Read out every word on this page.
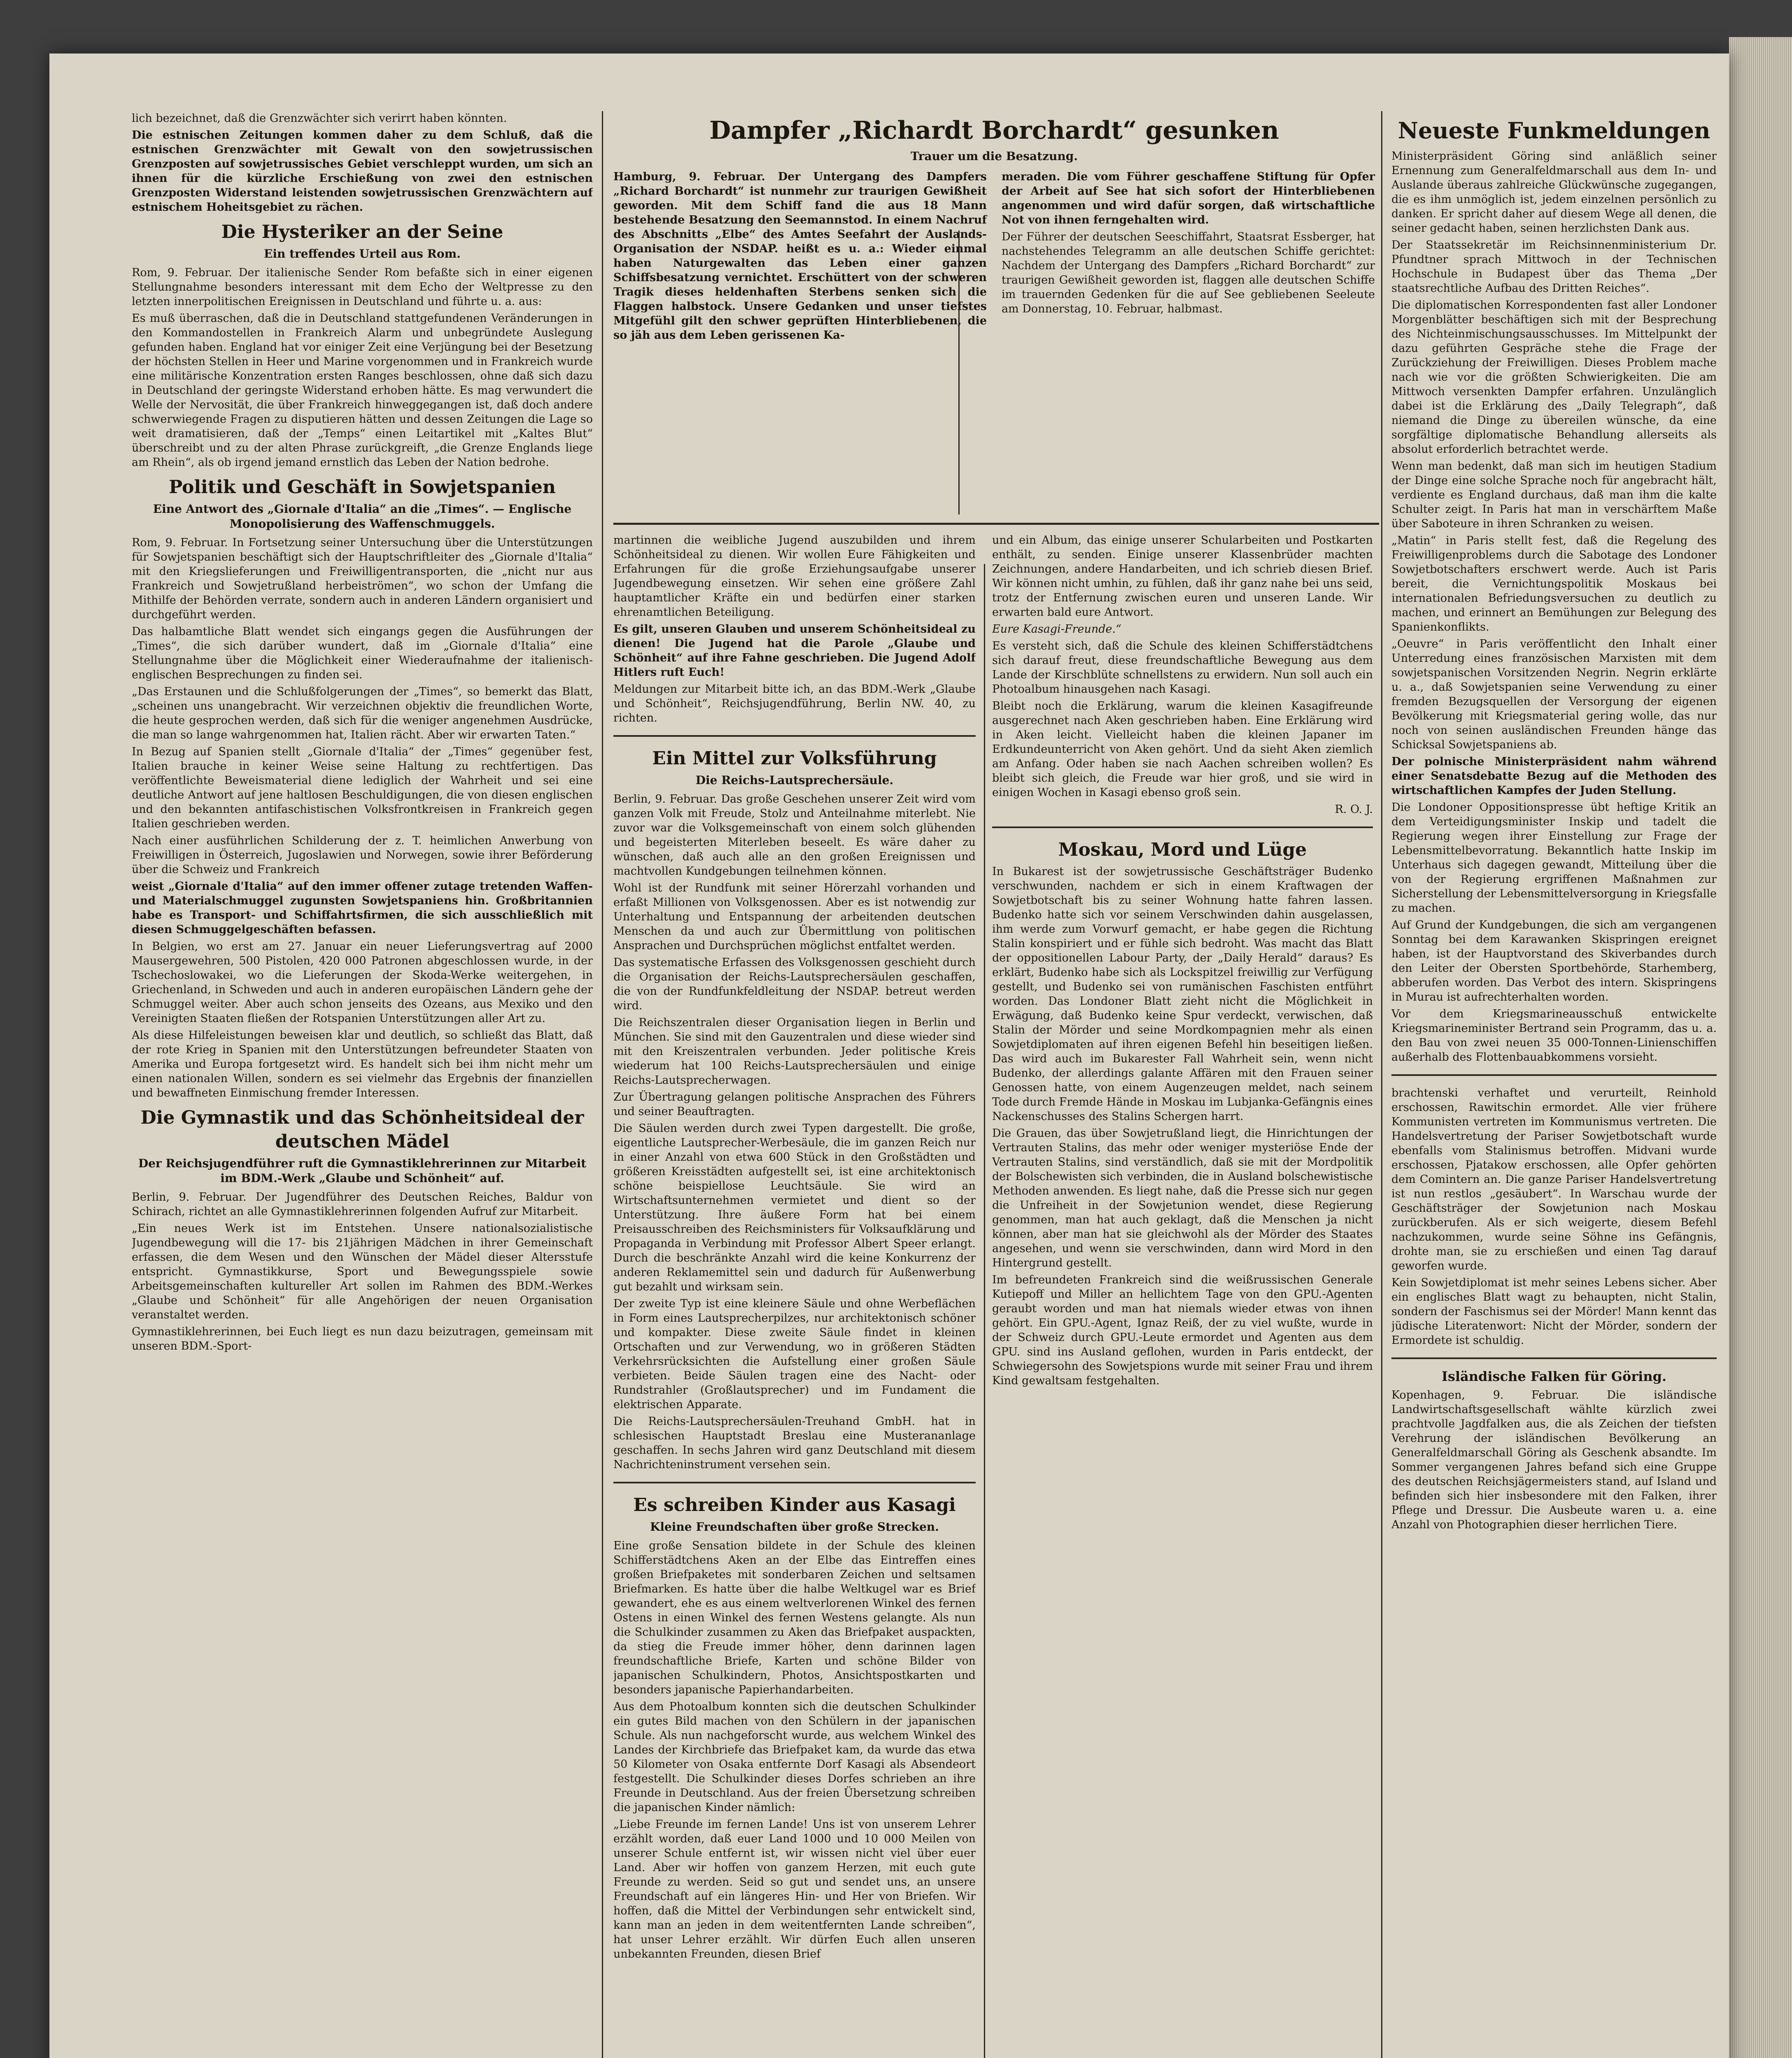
lich bezeichnet, daß die Grenzwächter sich verirrt haben könnten.

Die estnischen Zeitungen kommen daher zu dem Schluß, daß die estnischen Grenzwächter mit Gewalt von den sowjetrussischen Grenzposten auf sowjetrussisches Gebiet verschleppt wurden, um sich an ihnen für die kürzliche Erschießung von zwei den estnischen Grenzposten Widerstand leistenden sowjetrussischen Grenzwächtern auf estnischem Hoheitsgebiet zu rächen.

Die Hysteriker an der Seine
Ein treffendes Urteil aus Rom.

Rom, 9. Februar. Der italienische Sender Rom befaßte sich in einer eigenen Stellungnahme besonders interessant mit dem Echo der Weltpresse zu den letzten innerpolitischen Ereignissen in Deutschland und führte u. a. aus:

Es muß überraschen, daß die in Deutschland stattgefundenen Veränderungen in den Kommandostellen in Frankreich Alarm und unbegründete Auslegung gefunden haben. England hat vor einiger Zeit eine Verjüngung bei der Besetzung der höchsten Stellen in Heer und Marine vorgenommen und in Frankreich wurde eine militärische Konzentration ersten Ranges beschlossen, ohne daß sich dazu in Deutschland der geringste Widerstand erhoben hätte. Es mag verwundert die Welle der Nervosität, die über Frankreich hinweggegangen ist, daß doch andere schwerwiegende Fragen zu disputieren hätten und dessen Zeitungen die Lage so weit dramatisieren, daß der „Temps“ einen Leitartikel mit „Kaltes Blut“ überschreibt und zu der alten Phrase zurückgreift, „die Grenze Englands liege am Rhein“, als ob irgend jemand ernstlich das Leben der Nation bedrohe.

Politik und Geschäft in Sowjetspanien
Eine Antwort des „Giornale d'Italia“ an die „Times“. — Englische Monopolisierung des Waffenschmuggels.

Rom, 9. Februar. In Fortsetzung seiner Untersuchung über die Unterstützungen für Sowjetspanien beschäftigt sich der Hauptschriftleiter des „Giornale d'Italia“ mit den Kriegslieferungen und Freiwilligentransporten, die „nicht nur aus Frankreich und Sowjetrußland herbeiströmen“, wo schon der Umfang die Mithilfe der Behörden verrate, sondern auch in anderen Ländern organisiert und durchgeführt werden.

Das halbamtliche Blatt wendet sich eingangs gegen die Ausführungen der „Times“, die sich darüber wundert, daß im „Giornale d'Italia“ eine Stellungnahme über die Möglichkeit einer Wiederaufnahme der italienisch-englischen Besprechungen zu finden sei.

„Das Erstaunen und die Schlußfolgerungen der „Times“, so bemerkt das Blatt, „scheinen uns unangebracht. Wir verzeichnen objektiv die freundlichen Worte, die heute gesprochen werden, daß sich für die weniger angenehmen Ausdrücke, die man so lange wahrgenommen hat, Italien rächt. Aber wir erwarten Taten.“

In Bezug auf Spanien stellt „Giornale d'Italia“ der „Times“ gegenüber fest, Italien brauche in keiner Weise seine Haltung zu rechtfertigen. Das veröffentlichte Beweismaterial diene lediglich der Wahrheit und sei eine deutliche Antwort auf jene haltlosen Beschuldigungen, die von diesen englischen und den bekannten antifaschistischen Volksfrontkreisen in Frankreich gegen Italien geschrieben werden.

Nach einer ausführlichen Schilderung der z. T. heimlichen Anwerbung von Freiwilligen in Österreich, Jugoslawien und Norwegen, sowie ihrer Beförderung über die Schweiz und Frankreich

weist „Giornale d'Italia“ auf den immer offener zutage tretenden Waffen- und Materialschmuggel zugunsten Sowjetspaniens hin. Großbritannien habe es Transport- und Schiffahrtsfirmen, die sich ausschließlich mit diesen Schmuggelgeschäften befassen.

In Belgien, wo erst am 27. Januar ein neuer Lieferungsvertrag auf 2000 Mausergewehren, 500 Pistolen, 420 000 Patronen abgeschlossen wurde, in der Tschechoslowakei, wo die Lieferungen der Skoda-Werke weitergehen, in Griechenland, in Schweden und auch in anderen europäischen Ländern gehe der Schmuggel weiter. Aber auch schon jenseits des Ozeans, aus Mexiko und den Vereinigten Staaten fließen der Rotspanien Unterstützungen aller Art zu.

Als diese Hilfeleistungen beweisen klar und deutlich, so schließt das Blatt, daß der rote Krieg in Spanien mit den Unterstützungen befreundeter Staaten von Amerika und Europa fortgesetzt wird. Es handelt sich bei ihm nicht mehr um einen nationalen Willen, sondern es sei vielmehr das Ergebnis der finanziellen und bewaffneten Einmischung fremder Interessen.

Die Gymnastik und das Schönheitsideal der deutschen Mädel
Der Reichsjugendführer ruft die Gymnastiklehrerinnen zur Mitarbeit im BDM.-Werk „Glaube und Schönheit“ auf.

Berlin, 9. Februar. Der Jugendführer des Deutschen Reiches, Baldur von Schirach, richtet an alle Gymnastiklehrerinnen folgenden Aufruf zur Mitarbeit.

„Ein neues Werk ist im Entstehen. Unsere nationalsozialistische Jugendbewegung will die 17- bis 21jährigen Mädchen in ihrer Gemeinschaft erfassen, die dem Wesen und den Wünschen der Mädel dieser Altersstufe entspricht. Gymnastikkurse, Sport und Bewegungsspiele sowie Arbeitsgemeinschaften kultureller Art sollen im Rahmen des BDM.-Werkes „Glaube und Schönheit“ für alle Angehörigen der neuen Organisation veranstaltet werden.

Gymnastiklehrerinnen, bei Euch liegt es nun dazu beizutragen, gemeinsam mit unseren BDM.-Sport-

Dampfer „Richardt Borchardt“ gesunken
Trauer um die Besatzung.

Hamburg, 9. Februar. Der Untergang des Dampfers „Richard Borchardt“ ist nunmehr zur traurigen Gewißheit geworden. Mit dem Schiff fand die aus 18 Mann bestehende Besatzung den Seemannstod. In einem Nachruf des Abschnitts „Elbe“ des Amtes Seefahrt der Auslands-Organisation der NSDAP. heißt es u. a.: Wieder einmal haben Naturgewalten das Leben einer ganzen Schiffsbesatzung vernichtet. Erschüttert von der schweren Tragik dieses heldenhaften Sterbens senken sich die Flaggen halbstock. Unsere Gedanken und unser tiefstes Mitgefühl gilt den schwer geprüften Hinterbliebenen, die so jäh aus dem Leben gerissenen Ka-

meraden. Die vom Führer geschaffene Stiftung für Opfer der Arbeit auf See hat sich sofort der Hinterbliebenen angenommen und wird dafür sorgen, daß wirtschaftliche Not von ihnen ferngehalten wird.

Der Führer der deutschen Seeschiffahrt, Staatsrat Essberger, hat nachstehendes Telegramm an alle deutschen Schiffe gerichtet: Nachdem der Untergang des Dampfers „Richard Borchardt“ zur traurigen Gewißheit geworden ist, flaggen alle deutschen Schiffe im trauernden Gedenken für die auf See gebliebenen Seeleute am Donnerstag, 10. Februar, halbmast.

martinnen die weibliche Jugend auszubilden und ihrem Schönheitsideal zu dienen. Wir wollen Eure Fähigkeiten und Erfahrungen für die große Erziehungsaufgabe unserer Jugendbewegung einsetzen. Wir sehen eine größere Zahl hauptamtlicher Kräfte ein und bedürfen einer starken ehrenamtlichen Beteiligung.

Es gilt, unseren Glauben und unserem Schönheitsideal zu dienen! Die Jugend hat die Parole „Glaube und Schönheit“ auf ihre Fahne geschrieben. Die Jugend Adolf Hitlers ruft Euch!

Meldungen zur Mitarbeit bitte ich, an das BDM.-Werk „Glaube und Schönheit“, Reichsjugendführung, Berlin NW. 40, zu richten.

Ein Mittel zur Volksführung
Die Reichs-Lautsprechersäule.

Berlin, 9. Februar. Das große Geschehen unserer Zeit wird vom ganzen Volk mit Freude, Stolz und Anteilnahme miterlebt. Nie zuvor war die Volksgemeinschaft von einem solch glühenden und begeisterten Miterleben beseelt. Es wäre daher zu wünschen, daß auch alle an den großen Ereignissen und machtvollen Kundgebungen teilnehmen können.

Wohl ist der Rundfunk mit seiner Hörerzahl vorhanden und erfaßt Millionen von Volksgenossen. Aber es ist notwendig zur Unterhaltung und Entspannung der arbeitenden deutschen Menschen da und auch zur Übermittlung von politischen Ansprachen und Durchsprüchen möglichst entfaltet werden.

Das systematische Erfassen des Volksgenossen geschieht durch die Organisation der Reichs-Lautsprechersäulen geschaffen, die von der Rundfunkfeldleitung der NSDAP. betreut werden wird.

Die Reichszentralen dieser Organisation liegen in Berlin und München. Sie sind mit den Gauzentralen und diese wieder sind mit den Kreiszentralen verbunden. Jeder politische Kreis wiederum hat 100 Reichs-Lautsprechersäulen und einige Reichs-Lautsprecherwagen.

Zur Übertragung gelangen politische Ansprachen des Führers und seiner Beauftragten.

Die Säulen werden durch zwei Typen dargestellt. Die große, eigentliche Lautsprecher-Werbesäule, die im ganzen Reich nur in einer Anzahl von etwa 600 Stück in den Großstädten und größeren Kreisstädten aufgestellt sei, ist eine architektonisch schöne beispiellose Leuchtsäule. Sie wird an Wirtschaftsunternehmen vermietet und dient so der Unterstützung. Ihre äußere Form hat bei einem Preisausschreiben des Reichsministers für Volksaufklärung und Propaganda in Verbindung mit Professor Albert Speer erlangt. Durch die beschränkte Anzahl wird die keine Konkurrenz der anderen Reklamemittel sein und dadurch für Außenwerbung gut bezahlt und wirksam sein.

Der zweite Typ ist eine kleinere Säule und ohne Werbeflächen in Form eines Lautsprecherpilzes, nur architektonisch schöner und kompakter. Diese zweite Säule findet in kleinen Ortschaften und zur Verwendung, wo in größeren Städten Verkehrsrücksichten die Aufstellung einer großen Säule verbieten. Beide Säulen tragen eine des Nacht- oder Rundstrahler (Großlautsprecher) und im Fundament die elektrischen Apparate.

Die Reichs-Lautsprechersäulen-Treuhand GmbH. hat in schlesischen Hauptstadt Breslau eine Musterananlage geschaffen. In sechs Jahren wird ganz Deutschland mit diesem Nachrichteninstrument versehen sein.

Es schreiben Kinder aus Kasagi
Kleine Freundschaften über große Strecken.

Eine große Sensation bildete in der Schule des kleinen Schifferstädtchens Aken an der Elbe das Eintreffen eines großen Briefpaketes mit sonderbaren Zeichen und seltsamen Briefmarken. Es hatte über die halbe Weltkugel war es Brief gewandert, ehe es aus einem weltverlorenen Winkel des fernen Ostens in einen Winkel des fernen Westens gelangte. Als nun die Schulkinder zusammen zu Aken das Briefpaket auspackten, da stieg die Freude immer höher, denn darinnen lagen freundschaftliche Briefe, Karten und schöne Bilder von japanischen Schulkindern, Photos, Ansichtspostkarten und besonders japanische Papierhandarbeiten.

Aus dem Photoalbum konnten sich die deutschen Schulkinder ein gutes Bild machen von den Schülern in der japanischen Schule. Als nun nachgeforscht wurde, aus welchem Winkel des Landes der Kirchbriefe das Briefpaket kam, da wurde das etwa 50 Kilometer von Osaka entfernte Dorf Kasagi als Absendeort festgestellt. Die Schulkinder dieses Dorfes schrieben an ihre Freunde in Deutschland. Aus der freien Übersetzung schreiben die japanischen Kinder nämlich:

„Liebe Freunde im fernen Lande! Uns ist von unserem Lehrer erzählt worden, daß euer Land 1000 und 10 000 Meilen von unserer Schule entfernt ist, wir wissen nicht viel über euer Land. Aber wir hoffen von ganzem Herzen, mit euch gute Freunde zu werden. Seid so gut und sendet uns, an unsere Freundschaft auf ein längeres Hin- und Her von Briefen. Wir hoffen, daß die Mittel der Verbindungen sehr entwickelt sind, kann man an jeden in dem weitentfernten Lande schreiben“, hat unser Lehrer erzählt. Wir dürfen Euch allen unseren unbekannten Freunden, diesen Brief

und ein Album, das einige unserer Schularbeiten und Postkarten enthält, zu senden. Einige unserer Klassenbrüder machten Zeichnungen, andere Handarbeiten, und ich schrieb diesen Brief. Wir können nicht umhin, zu fühlen, daß ihr ganz nahe bei uns seid, trotz der Entfernung zwischen euren und unseren Lande. Wir erwarten bald eure Antwort.

Eure Kasagi-Freunde.“

Es versteht sich, daß die Schule des kleinen Schifferstädtchens sich darauf freut, diese freundschaftliche Bewegung aus dem Lande der Kirschblüte schnellstens zu erwidern. Nun soll auch ein Photoalbum hinausgehen nach Kasagi.

Bleibt noch die Erklärung, warum die kleinen Kasagifreunde ausgerechnet nach Aken geschrieben haben. Eine Erklärung wird in Aken leicht. Vielleicht haben die kleinen Japaner im Erdkundeunterricht von Aken gehört. Und da sieht Aken ziemlich am Anfang. Oder haben sie nach Aachen schreiben wollen? Es bleibt sich gleich, die Freude war hier groß, und sie wird in einigen Wochen in Kasagi ebenso groß sein.

R. O. J.

Moskau, Mord und Lüge

In Bukarest ist der sowjetrussische Geschäftsträger Budenko verschwunden, nachdem er sich in einem Kraftwagen der Sowjetbotschaft bis zu seiner Wohnung hatte fahren lassen. Budenko hatte sich vor seinem Verschwinden dahin ausgelassen, ihm werde zum Vorwurf gemacht, er habe gegen die Richtung Stalin konspiriert und er fühle sich bedroht. Was macht das Blatt der oppositionellen Labour Party, der „Daily Herald“ daraus? Es erklärt, Budenko habe sich als Lockspitzel freiwillig zur Verfügung gestellt, und Budenko sei von rumänischen Faschisten entführt worden. Das Londoner Blatt zieht nicht die Möglichkeit in Erwägung, daß Budenko keine Spur verdeckt, verwischen, daß Stalin der Mörder und seine Mordkompagnien mehr als einen Sowjetdiplomaten auf ihren eigenen Befehl hin beseitigen ließen. Das wird auch im Bukarester Fall Wahrheit sein, wenn nicht Budenko, der allerdings galante Affären mit den Frauen seiner Genossen hatte, von einem Augenzeugen meldet, nach seinem Tode durch Fremde Hände in Moskau im Lubjanka-Gefängnis eines Nackenschusses des Stalins Schergen harrt.

Die Grauen, das über Sowjetrußland liegt, die Hinrichtungen der Vertrauten Stalins, das mehr oder weniger mysteriöse Ende der Vertrauten Stalins, sind verständlich, daß sie mit der Mordpolitik der Bolschewisten sich verbinden, die in Ausland bolschewistische Methoden anwenden. Es liegt nahe, daß die Presse sich nur gegen die Unfreiheit in der Sowjetunion wendet, diese Regierung genommen, man hat auch geklagt, daß die Menschen ja nicht können, aber man hat sie gleichwohl als der Mörder des Staates angesehen, und wenn sie verschwinden, dann wird Mord in den Hintergrund gestellt.

Im befreundeten Frankreich sind die weißrussischen Generale Kutiepoff und Miller an hellichtem Tage von den GPU.-Agenten geraubt worden und man hat niemals wieder etwas von ihnen gehört. Ein GPU.-Agent, Ignaz Reiß, der zu viel wußte, wurde in der Schweiz durch GPU.-Leute ermordet und Agenten aus dem GPU. sind ins Ausland geflohen, wurden in Paris entdeckt, der Schwiegersohn des Sowjetspions wurde mit seiner Frau und ihrem Kind gewaltsam festgehalten.

Neueste Funkmeldungen

Ministerpräsident Göring sind anläßlich seiner Ernennung zum Generalfeldmarschall aus dem In- und Auslande überaus zahlreiche Glückwünsche zugegangen, die es ihm unmöglich ist, jedem einzelnen persönlich zu danken. Er spricht daher auf diesem Wege all denen, die seiner gedacht haben, seinen herzlichsten Dank aus.

Der Staatssekretär im Reichsinnenministerium Dr. Pfundtner sprach Mittwoch in der Technischen Hochschule in Budapest über das Thema „Der staatsrechtliche Aufbau des Dritten Reiches“.

Die diplomatischen Korrespondenten fast aller Londoner Morgenblätter beschäftigen sich mit der Besprechung des Nichteinmischungsausschusses. Im Mittelpunkt der dazu geführten Gespräche stehe die Frage der Zurückziehung der Freiwilligen. Dieses Problem mache nach wie vor die größten Schwierigkeiten. Die am Mittwoch versenkten Dampfer erfahren. Unzulänglich dabei ist die Erklärung des „Daily Telegraph“, daß niemand die Dinge zu übereilen wünsche, da eine sorgfältige diplomatische Behandlung allerseits als absolut erforderlich betrachtet werde.

Wenn man bedenkt, daß man sich im heutigen Stadium der Dinge eine solche Sprache noch für angebracht hält, verdiente es England durchaus, daß man ihm die kalte Schulter zeigt. In Paris hat man in verschärftem Maße über Saboteure in ihren Schranken zu weisen.

„Matin“ in Paris stellt fest, daß die Regelung des Freiwilligenproblems durch die Sabotage des Londoner Sowjetbotschafters erschwert werde. Auch ist Paris bereit, die Vernichtungspolitik Moskaus bei internationalen Befriedungsversuchen zu deutlich zu machen, und erinnert an Bemühungen zur Belegung des Spanienkonflikts.

„Oeuvre“ in Paris veröffentlicht den Inhalt einer Unterredung eines französischen Marxisten mit dem sowjetspanischen Vorsitzenden Negrin. Negrin erklärte u. a., daß Sowjetspanien seine Verwendung zu einer fremden Bezugsquellen der Versorgung der eigenen Bevölkerung mit Kriegsmaterial gering wolle, das nur noch von seinen ausländischen Freunden hänge das Schicksal Sowjetspaniens ab.

Der polnische Ministerpräsident nahm während einer Senatsdebatte Bezug auf die Methoden des wirtschaftlichen Kampfes der Juden Stellung.

Die Londoner Oppositionspresse übt heftige Kritik an dem Verteidigungsminister Inskip und tadelt die Regierung wegen ihrer Einstellung zur Frage der Lebensmittelbevorratung. Bekanntlich hatte Inskip im Unterhaus sich dagegen gewandt, Mitteilung über die von der Regierung ergriffenen Maßnahmen zur Sicherstellung der Lebensmittelversorgung in Kriegsfalle zu machen.

Auf Grund der Kundgebungen, die sich am vergangenen Sonntag bei dem Karawanken Skispringen ereignet haben, ist der Hauptvorstand des Skiverbandes durch den Leiter der Obersten Sportbehörde, Starhemberg, abberufen worden. Das Verbot des intern. Skispringens in Murau ist aufrechterhalten worden.

Vor dem Kriegsmarineausschuß entwickelte Kriegsmarineminister Bertrand sein Programm, das u. a. den Bau von zwei neuen 35 000-Tonnen-Linienschiffen außerhalb des Flottenbauabkommens vorsieht.

brachtenski verhaftet und verurteilt, Reinhold erschossen, Rawitschin ermordet. Alle vier frühere Kommunisten vertreten im Kommunismus vertreten. Die Handelsvertretung der Pariser Sowjetbotschaft wurde ebenfalls vom Stalinismus betroffen. Midvani wurde erschossen, Pjatakow erschossen, alle Opfer gehörten dem Comintern an. Die ganze Pariser Handelsvertretung ist nun restlos „gesäubert“. In Warschau wurde der Geschäftsträger der Sowjetunion nach Moskau zurückberufen. Als er sich weigerte, diesem Befehl nachzukommen, wurde seine Söhne ins Gefängnis, drohte man, sie zu erschießen und einen Tag darauf geworfen wurde.

Kein Sowjetdiplomat ist mehr seines Lebens sicher. Aber ein englisches Blatt wagt zu behaupten, nicht Stalin, sondern der Faschismus sei der Mörder! Mann kennt das jüdische Literatenwort: Nicht der Mörder, sondern der Ermordete ist schuldig.

Isländische Falken für Göring.

Kopenhagen, 9. Februar. Die isländische Landwirtschaftsgesellschaft wählte kürzlich zwei prachtvolle Jagdfalken aus, die als Zeichen der tiefsten Verehrung der isländischen Bevölkerung an Generalfeldmarschall Göring als Geschenk absandte. Im Sommer vergangenen Jahres befand sich eine Gruppe des deutschen Reichsjägermeisters stand, auf Island und befinden sich hier insbesondere mit den Falken, ihrer Pflege und Dressur. Die Ausbeute waren u. a. eine Anzahl von Photographien dieser herrlichen Tiere.
